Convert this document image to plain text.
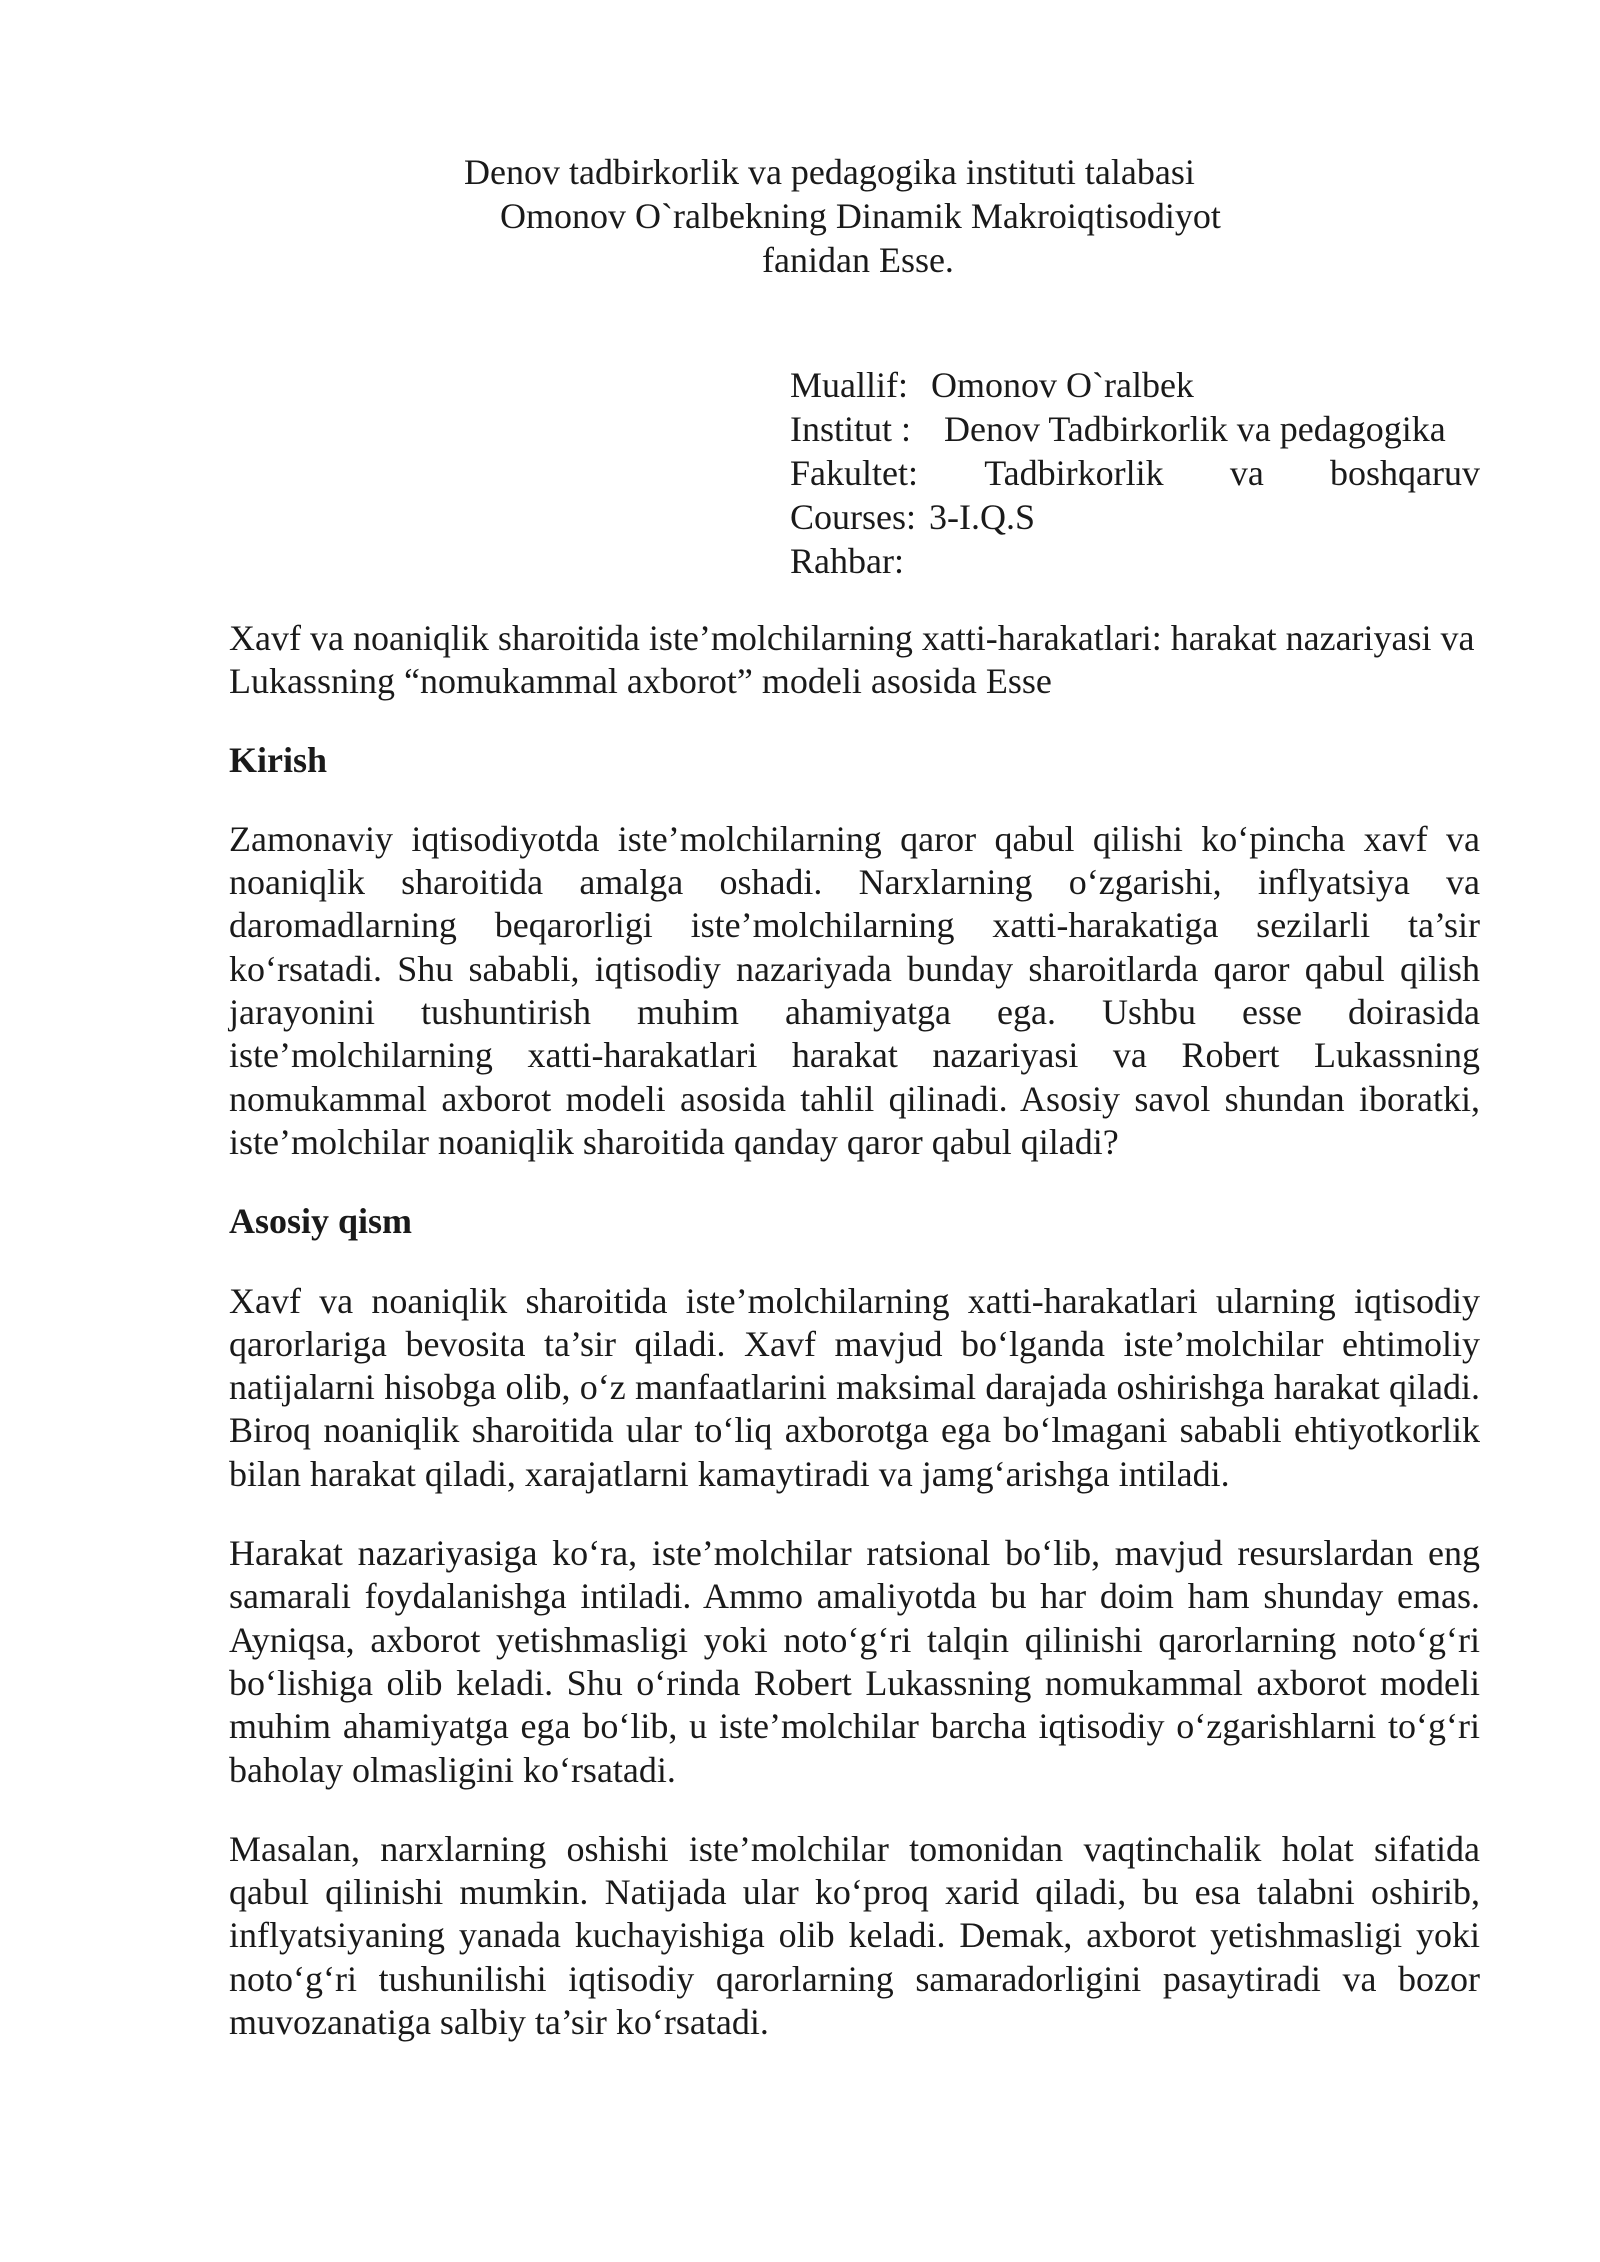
Denov tadbirkorlik va pedagogika instituti talabasi
Omonov O`ralbekning Dinamik Makroiqtisodiyot
fanidan Esse.
Muallif: Omonov O`ralbek
Institut : Denov Tadbirkorlik va pedagogika
Fakultet: Tadbirkorlik va boshqaruv
Courses: 3-I.Q.S
Rahbar:

Xavf va noaniqlik sharoitida iste’molchilarning xatti-harakatlari: harakat nazariyasi va Lukassning “nomukammal axborot” modeli asosida Esse

Kirish

Zamonaviy iqtisodiyotda iste’molchilarning qaror qabul qilishi ko‘pincha xavf va noaniqlik sharoitida amalga oshadi. Narxlarning o‘zgarishi, inflyatsiya va daromadlarning beqarorligi iste’molchilarning xatti-harakatiga sezilarli ta’sir ko‘rsatadi. Shu sababli, iqtisodiy nazariyada bunday sharoitlarda qaror qabul qilish jarayonini tushuntirish muhim ahamiyatga ega. Ushbu esse doirasida iste’molchilarning xatti-harakatlari harakat nazariyasi va Robert Lukassning nomukammal axborot modeli asosida tahlil qilinadi. Asosiy savol shundan iboratki, iste’molchilar noaniqlik sharoitida qanday qaror qabul qiladi?

Asosiy qism

Xavf va noaniqlik sharoitida iste’molchilarning xatti-harakatlari ularning iqtisodiy qarorlariga bevosita ta’sir qiladi. Xavf mavjud bo‘lganda iste’molchilar ehtimoliy natijalarni hisobga olib, o‘z manfaatlarini maksimal darajada oshirishga harakat qiladi. Biroq noaniqlik sharoitida ular to‘liq axborotga ega bo‘lmagani sababli ehtiyotkorlik bilan harakat qiladi, xarajatlarni kamaytiradi va jamg‘arishga intiladi.

Harakat nazariyasiga ko‘ra, iste’molchilar ratsional bo‘lib, mavjud resurslardan eng samarali foydalanishga intiladi. Ammo amaliyotda bu har doim ham shunday emas. Ayniqsa, axborot yetishmasligi yoki noto‘g‘ri talqin qilinishi qarorlarning noto‘g‘ri bo‘lishiga olib keladi. Shu o‘rinda Robert Lukassning nomukammal axborot modeli muhim ahamiyatga ega bo‘lib, u iste’molchilar barcha iqtisodiy o‘zgarishlarni to‘g‘ri baholay olmasligini ko‘rsatadi.

Masalan, narxlarning oshishi iste’molchilar tomonidan vaqtinchalik holat sifatida qabul qilinishi mumkin. Natijada ular ko‘proq xarid qiladi, bu esa talabni oshirib, inflyatsiyaning yanada kuchayishiga olib keladi. Demak, axborot yetishmasligi yoki noto‘g‘ri tushunilishi iqtisodiy qarorlarning samaradorligini pasaytiradi va bozor muvozanatiga salbiy ta’sir ko‘rsatadi.
